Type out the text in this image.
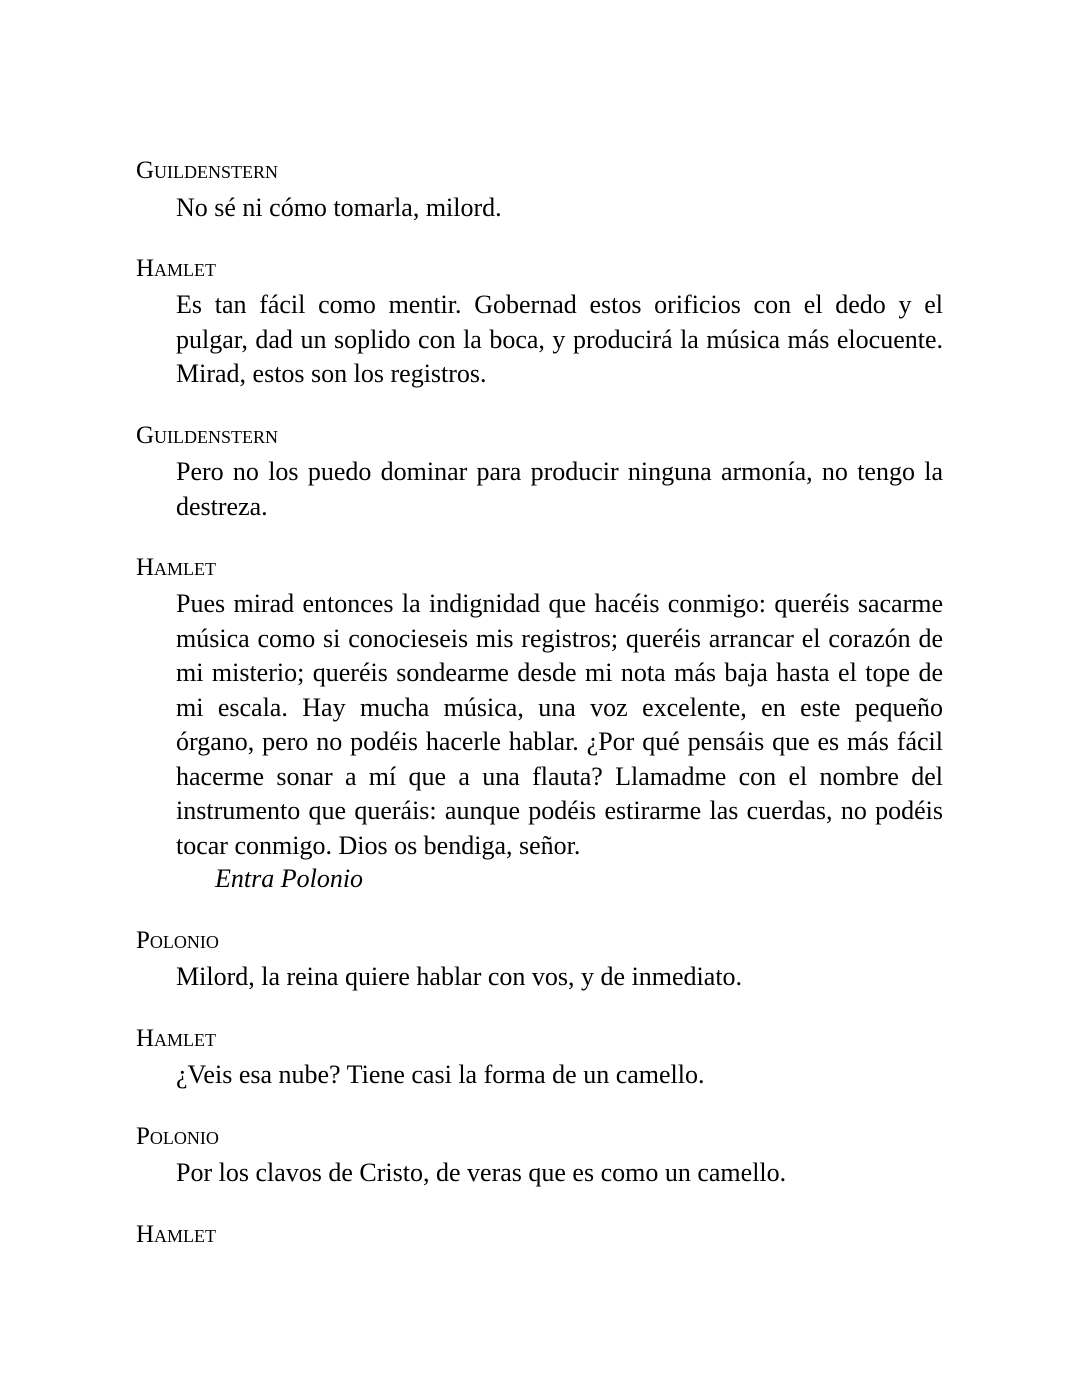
Guildenstern
No sé ni cómo tomarla, milord.
Hamlet
Es tan fácil como mentir. Gobernad estos orificios con el dedo y el pulgar, dad un soplido con la boca, y producirá la música más elocuente. Mirad, estos son los registros.
Guildenstern
Pero no los puedo dominar para producir ninguna armonía, no tengo la destreza.
Hamlet
Pues mirad entonces la indignidad que hacéis conmigo: queréis sacarme música como si conocieseis mis registros; queréis arrancar el corazón de mi misterio; queréis sondearme desde mi nota más baja hasta el tope de mi escala. Hay mucha música, una voz excelente, en este pequeño órgano, pero no podéis hacerle hablar. ¿Por qué pensáis que es más fácil hacerme sonar a mí que a una flauta? Llamadme con el nombre del instrumento que queráis: aunque podéis estirarme las cuerdas, no podéis tocar conmigo. Dios os bendiga, señor.
Entra Polonio
Polonio
Milord, la reina quiere hablar con vos, y de inmediato.
Hamlet
¿Veis esa nube? Tiene casi la forma de un camello.
Polonio
Por los clavos de Cristo, de veras que es como un camello.
Hamlet
